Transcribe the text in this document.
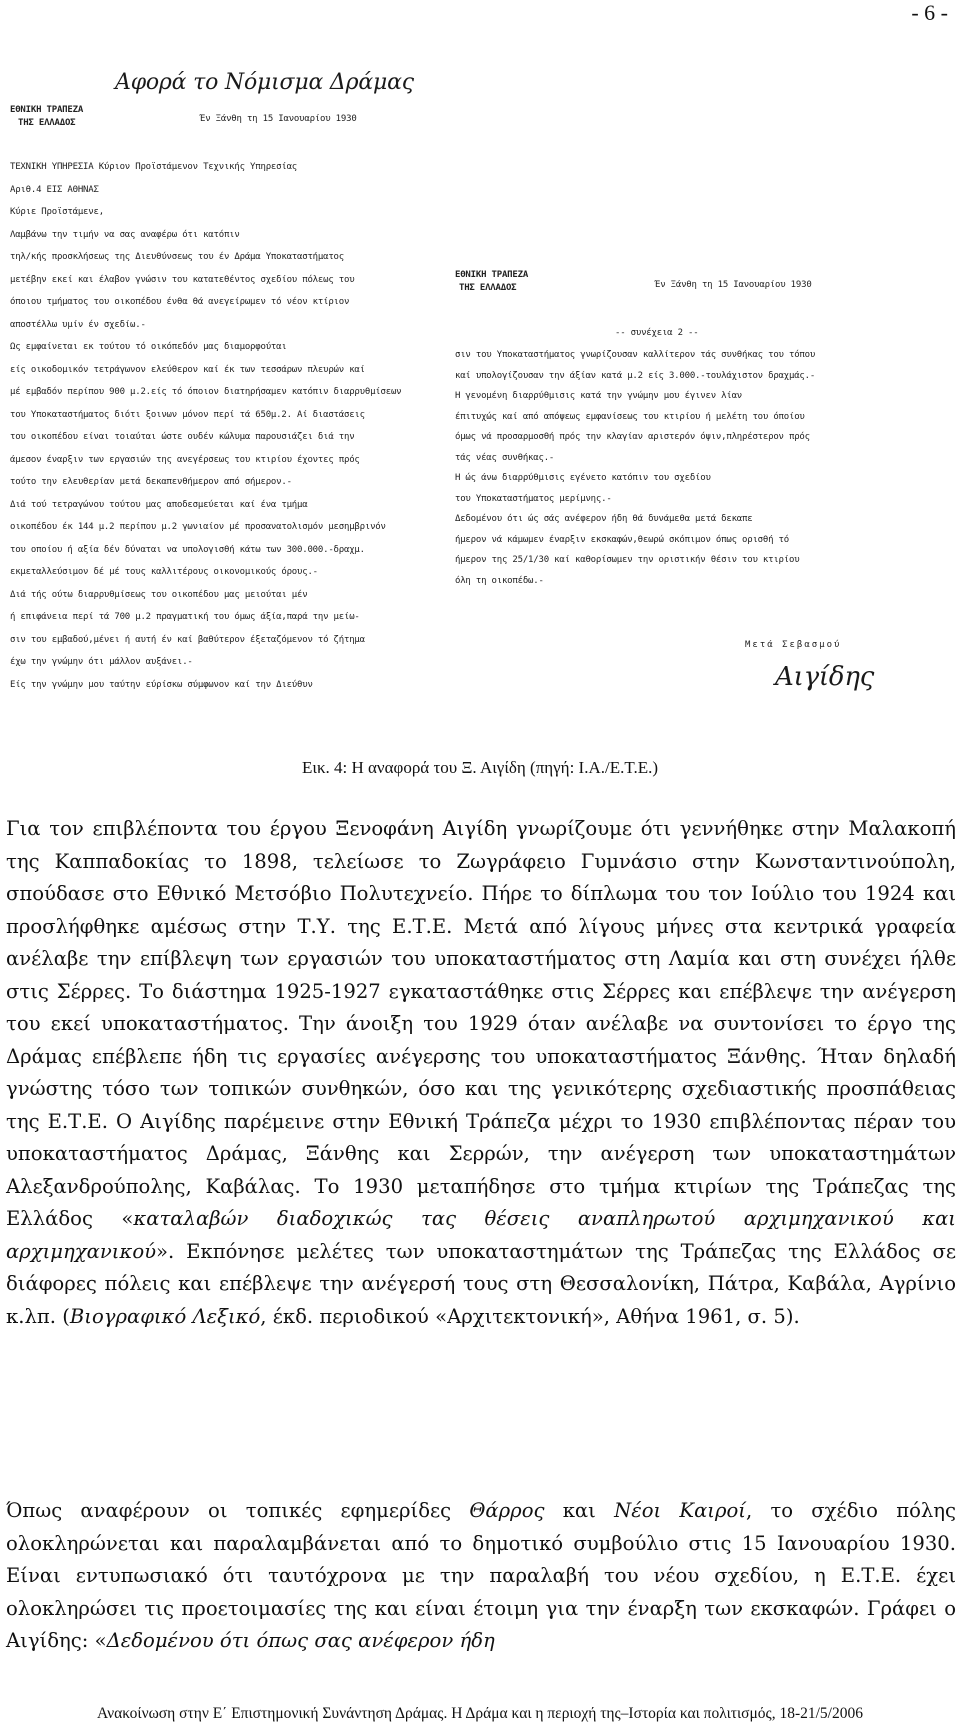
- 6 -
Αφορά το Νόμισμα Δράμας
ΕΘΝΙΚΗ ΤΡΑΠΕΖΑ
ΤΗΣ ΕΛΛΑΔΟΣ	Έν Ξάνθη τη 15 Ιανουαρίου 1930
ΤΕΧΝΙΚΗ ΥΠΗΡΕΣΙΑ Κύριον Προϊστάμενον Τεχνικής Υπηρεσίας
Αριθ.4 ΕΙΣ ΑΘΗΝΑΣ
Κύριε Προϊστάμενε,
Λαμβάνω την τιμήν να σας αναφέρω ότι κατόπιν
τηλ/κής προσκλήσεως της Διευθύνσεως του έν Δράμα Υποκαταστήματος
μετέβην εκεί και έλαβον γνώσιν του κατατεθέντος σχεδίου πόλεως του
όποιου τμήματος του οικοπέδου ένθα θά ανεγείρωμεν τό νέον κτίριον
αποστέλλω υμίν έν σχεδίω.-
Ως εμφαίνεται εκ τούτου τό οικόπεδόν μας διαμορφούται
είς οικοδομικόν τετράγωνον ελεύθερον καί έκ των τεσσάρων πλευρών καί
μέ εμβαδόν περίπου 900 μ.2.είς τό όποιον διατηρήσαμεν κατόπιν διαρρυθμίσεων
του Υποκαταστήματος διότι ξοινων μόνον περί τά 650μ.2. Αί διαστάσεις
του οικοπέδου είναι τοιαύται ώστε ουδέν κώλυμα παρουσιάζει διά την
άμεσον έναρξιν των εργασιών της ανεγέρσεως του κτιρίου έχοντες πρός
τούτο την ελευθερίαν μετά δεκαπενθήμερον από σήμερον.-
Διά τού τετραγώνου τούτου μας αποδεσμεύεται καί ένα τμήμα
οικοπέδου έκ 144 μ.2 περίπου μ.2 γωνιαίον μέ προσανατολισμόν μεσημβρινόν
του οποίου ή αξία δέν δύναται να υπολογισθή κάτω των 300.000.-δραχμ.
εκμεταλλεύσιμον δέ μέ τους καλλιτέρους οικονομικούς όρους.-
Διά τής ούτω διαρρυθμίσεως του οικοπέδου μας μειούται μέν
ή επιφάνεια περί τά 700 μ.2 πραγματική του όμως άξία,παρά την μείω-
σιν του εμβαδού,μένει ή αυτή έν καί βαθύτερον έξεταζόμενον τό ζήτημα
έχω την γνώμην ότι μάλλον αυξάνει.-
Είς την γνώμην μου ταύτην εύρίσκω σύμφωνον καί την Διεύθυν
ΕΘΝΙΚΗ ΤΡΑΠΕΖΑ
ΤΗΣ ΕΛΛΑΔΟΣ	Έν Ξάνθη τη 15 Ιανουαρίου 1930
-- συνέχεια 2 --
σιν του Υποκαταστήματος γνωρίζουσαν καλλίτερον τάς συνθήκας του τόπου
καί υπολογίζουσαν την άξίαν κατά μ.2 είς 3.000.-τουλάχιστον δραχμάς.-
Η γενομένη διαρρύθμισις κατά την γνώμην μου έγινεν λίαν
έπιτυχώς καί από απόψεως εμφανίσεως του κτιρίου ή μελέτη του όποίου
όμως νά προσαρμοσθή πρός την κλαγίαν αριστερόν όψιν,πληρέστερον πρός
τάς νέας συνθήκας.-
Η ώς άνω διαρρύθμισις εγένετο κατόπιν του σχεδίου
του Υποκαταστήματος μερίμνης.-
Δεδομένου ότι ώς σάς ανέφερον ήδη θά δυνάμεθα μετά δεκαπε
ήμερον νά κάμωμεν έναρξιν εκσκαφών,θεωρώ σκόπιμον όπως ορισθή τό
ήμερον της 25/1/30 καί καθορίσωμεν την οριστικήν θέσιν του κτιρίου
όλη τη οικοπέδω.-
Μετά Σεβασμού
Αιγίδης
Εικ. 4: Η αναφορά του Ξ. Αιγίδη (πηγή: Ι.Α./Ε.Τ.Ε.)

Για τον επιβλέποντα του έργου Ξενοφάνη Αιγίδη γνωρίζουμε ότι γεννήθηκε στην Μαλακοπή της Καππαδοκίας το 1898, τελείωσε το Ζωγράφειο Γυμνάσιο στην Κωνσταντινούπολη, σπούδασε στο Εθνικό Μετσόβιο Πολυτεχνείο. Πήρε το δίπλωμα του τον Ιούλιο του 1924 και προσλήφθηκε αμέσως στην Τ.Υ. της Ε.Τ.Ε. Μετά από λίγους μήνες στα κεντρικά γραφεία ανέλαβε την επίβλεψη των εργασιών του υποκαταστήματος στη Λαμία και στη συνέχει ήλθε στις Σέρρες. Το διάστημα 1925-1927 εγκαταστάθηκε στις Σέρρες και επέβλεψε την ανέγερση του εκεί υποκαταστήματος. Την άνοιξη του 1929 όταν ανέλαβε να συντονίσει το έργο της Δράμας επέβλεπε ήδη τις εργασίες ανέγερσης του υποκαταστήματος Ξάνθης. Ήταν δηλαδή γνώστης τόσο των τοπικών συνθηκών, όσο και της γενικότερης σχεδιαστικής προσπάθειας της Ε.Τ.Ε. Ο Αιγίδης παρέμεινε στην Εθνική Τράπεζα μέχρι το 1930 επιβλέποντας πέραν του υποκαταστήματος Δράμας, Ξάνθης και Σερρών, την ανέγερση των υποκαταστημάτων Αλεξανδρούπολης, Καβάλας. Το 1930 μεταπήδησε στο τμήμα κτιρίων της Τράπεζας της Ελλάδος «καταλαβών διαδοχικώς τας θέσεις αναπληρωτού αρχιμηχανικού και αρχιμηχανικού». Εκπόνησε μελέτες των υποκαταστημάτων της Τράπεζας της Ελλάδος σε διάφορες πόλεις και επέβλεψε την ανέγερσή τους στη Θεσσαλονίκη, Πάτρα, Καβάλα, Αγρίνιο κ.λπ. (Βιογραφικό Λεξικό, έκδ. περιοδικού «Αρχιτεκτονική», Αθήνα 1961, σ. 5).

Όπως αναφέρουν οι τοπικές εφημερίδες Θάρρος και Νέοι Καιροί, το σχέδιο πόλης ολοκληρώνεται και παραλαμβάνεται από το δημοτικό συμβούλιο στις 15 Ιανουαρίου 1930. Είναι εντυπωσιακό ότι ταυτόχρονα με την παραλαβή του νέου σχεδίου, η Ε.Τ.Ε. έχει ολοκληρώσει τις προετοιμασίες της και είναι έτοιμη για την έναρξη των εκσκαφών. Γράφει ο Αιγίδης: «Δεδομένου ότι όπως σας ανέφερον ήδη

Ανακοίνωση στην Ε΄ Επιστημονική Συνάντηση Δράμας. Η Δράμα και η περιοχή της–Ιστορία και πολιτισμός, 18-21/5/2006
